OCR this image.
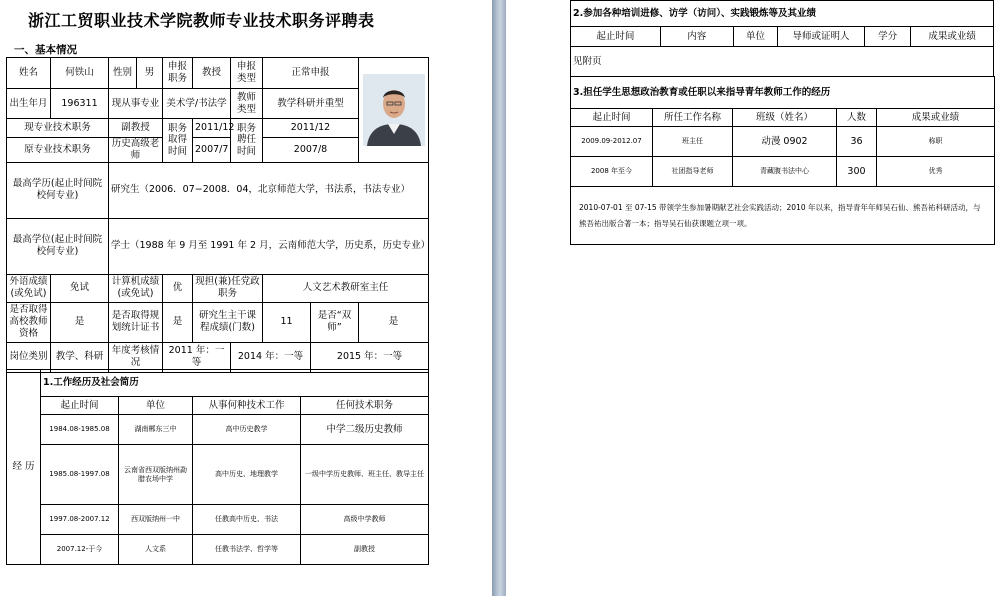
浙江工贸职业技术学院教师专业技术职务评聘表
一、基本情况
姓名	何铁山	性别	男	申报职务	教授	申报类型	正常申报	

出生年月	196311	现从事专业		美术学/书法学		教师类型	教学科研并重型		
现专业技术职务		副教授		职务取得时间	2011/12	职务聘任时间	2011/12		
原专业技术职务		历史高级老师			2007/7		2007/8		
最高学历(起止时间院校何专业)		研究生（2006．07−2008．04，北京师范大学，书法系，书法专业）							
最高学位(起止时间院校何专业)		学士（1988 年 9 月至 1991 年 2 月，云南师范大学，历史系，历史专业）							
外语成绩(或免试)	免试	计算机成绩(或免试)		优	现担(兼)任党政职务		人文艺术教研室主任		
是否取得高校教师资格	是	是否取得规划统计证书		是	研究生主干课程成绩(门数)		11	是否“双师”	是
岗位类别	教学、科研	年度考核情况		2011 年：一等		2014 年：一等		2015 年：一等	
经 历	1.工作经历及社会简历			
	起止时间	单位	从事何种技术工作	任何技术职务
	1984.08-1985.08	湖南郴东三中	高中历史教学	中学二级历史教师
	1985.08-1997.08	云南省西双版纳州勐腊农场中学	高中历史、地理教学	一级中学历史教师、班主任、教导主任
	1997.08-2007.12	西双版纳州一中	任教高中历史、书法	高级中学教师
	2007.12-于今	人文系	任教书法学、哲学等	副教授
2.参加各种培训进修、访学（访问）、实践锻炼等及其业绩
起止时间	内容	单位	导师或证明人	学分	成果或业绩
见附页
3.担任学生思想政治教育或任职以来指导青年教师工作的经历				
起止时间	所任工作名称	班级（姓名）	人数	成果或业绩
2009.09-2012.07	班主任	动漫 0902	36	称职
2008 年至今	社团指导老师	青藏腹书法中心	300	优秀
2010-07-01 至 07-15 带领学生参加暑期献艺社会实践活动；2010 年以来，指导青年年师吴石仙、熊吾祐科研活动，与熊吾祐出版合著一本；指导吴石仙获课题立项一项。				
